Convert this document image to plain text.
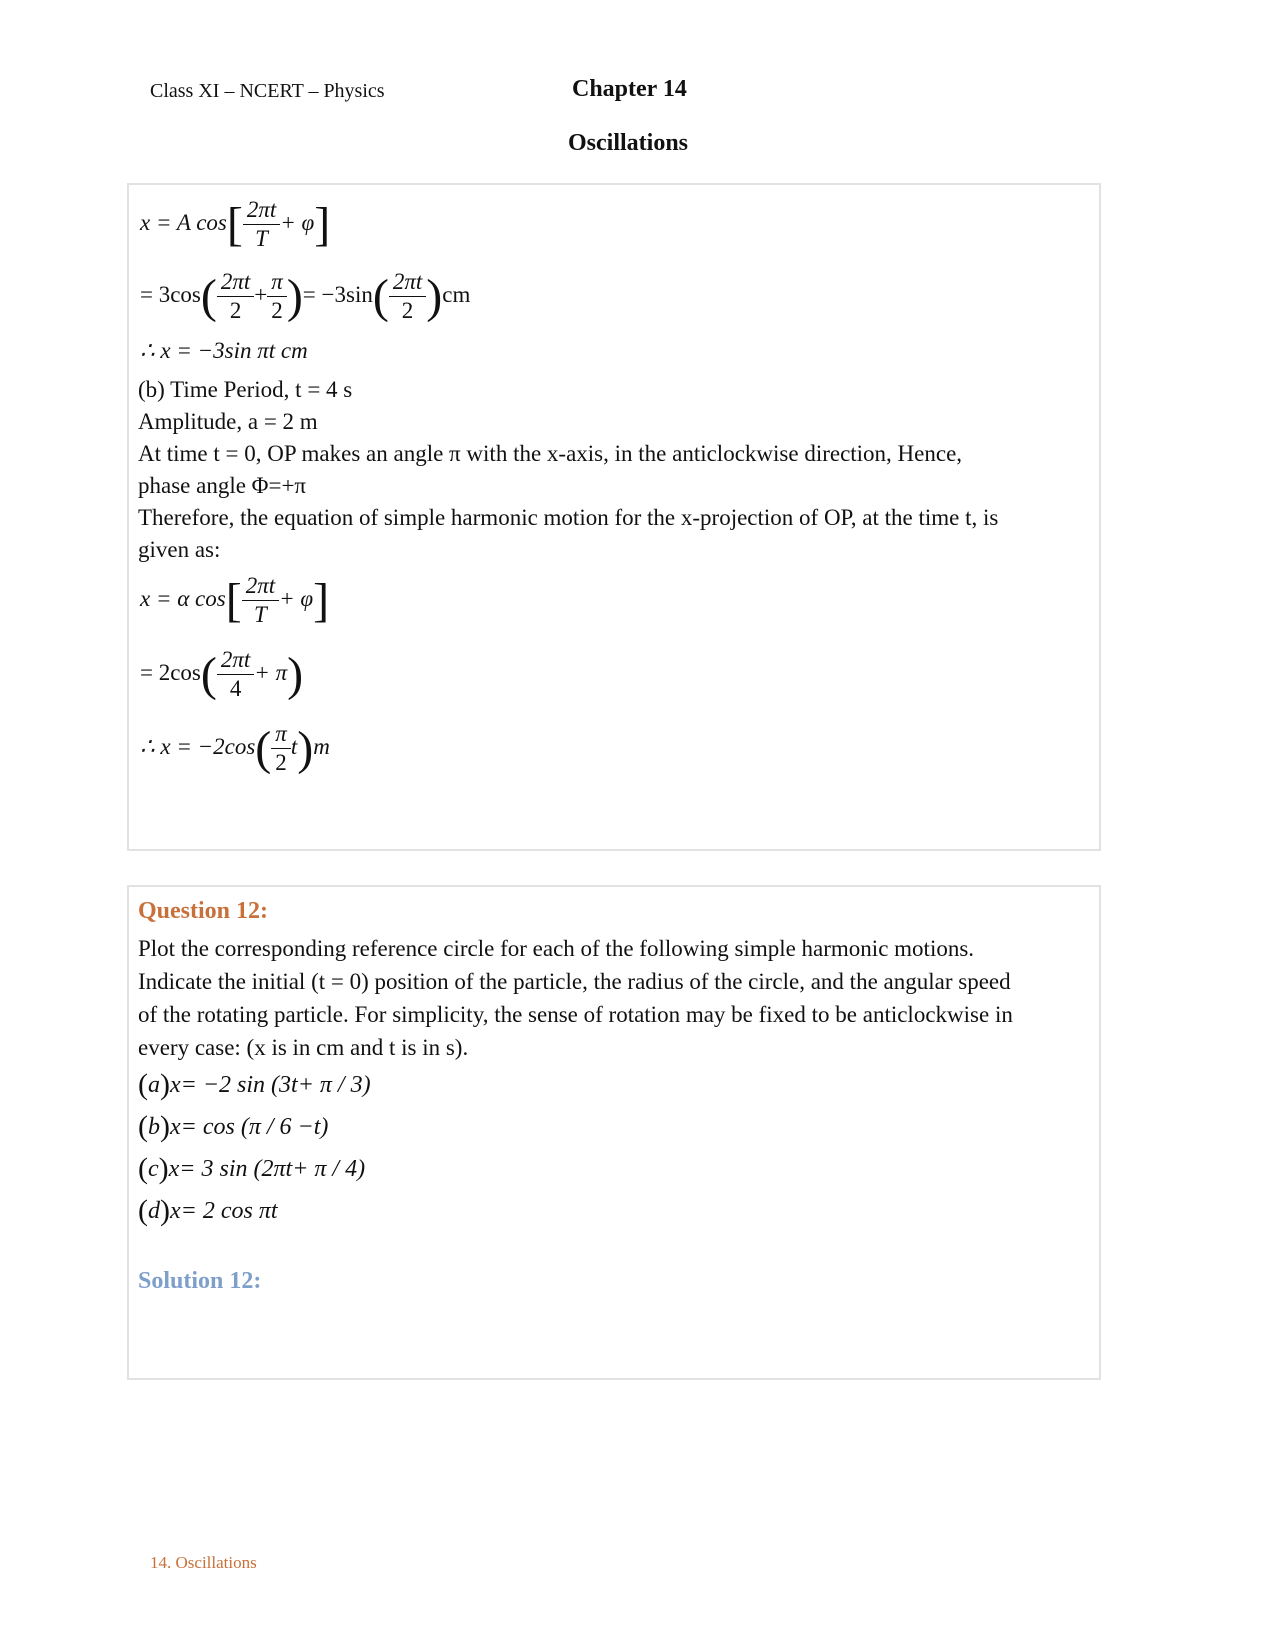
Class XI – NCERT – Physics	Chapter 14
Oscillations
x = A $\cos[ \frac{2\pi t}{T} + \varphi]$
= $3\cos( \frac{2\pi t}{2} + \frac{\pi}{2}$ )= $-3\sin( \frac{2\pi t}{2} )cm$
∴ x = −3sin πt cm
(b) Time Period, t = 4 s
Amplitude, a = 2 m
At time t = 0, OP makes an angle π with the x-axis, in the anticlockwise direction, Hence,
phase angle Φ=+π
Therefore, the equation of simple harmonic motion for the x-projection of OP, at the time t, is
given as:
x = α $\cos[ \frac{2\pi t}{T} + \varphi]$
= $2\cos( \frac{2\pi t}{4} + \pi)$
∴ $x = -2\cos( \frac{\pi}{2} t)m$
Question 12:
Plot the corresponding reference circle for each of the following simple harmonic motions.
Indicate the initial (t = 0) position of the particle, the radius of the circle, and the angular speed
of the rotating particle. For simplicity, the sense of rotation may be fixed to be anticlockwise in
every case: (x is in cm and t is in s).
(a)x= −2 sin (3t+ π / 3)
(b)x= cos (π / 6 −t)
(c)x= 3 sin (2πt+ π / 4)
(d)x= 2 cos πt
Solution 12:
14. Oscillations
